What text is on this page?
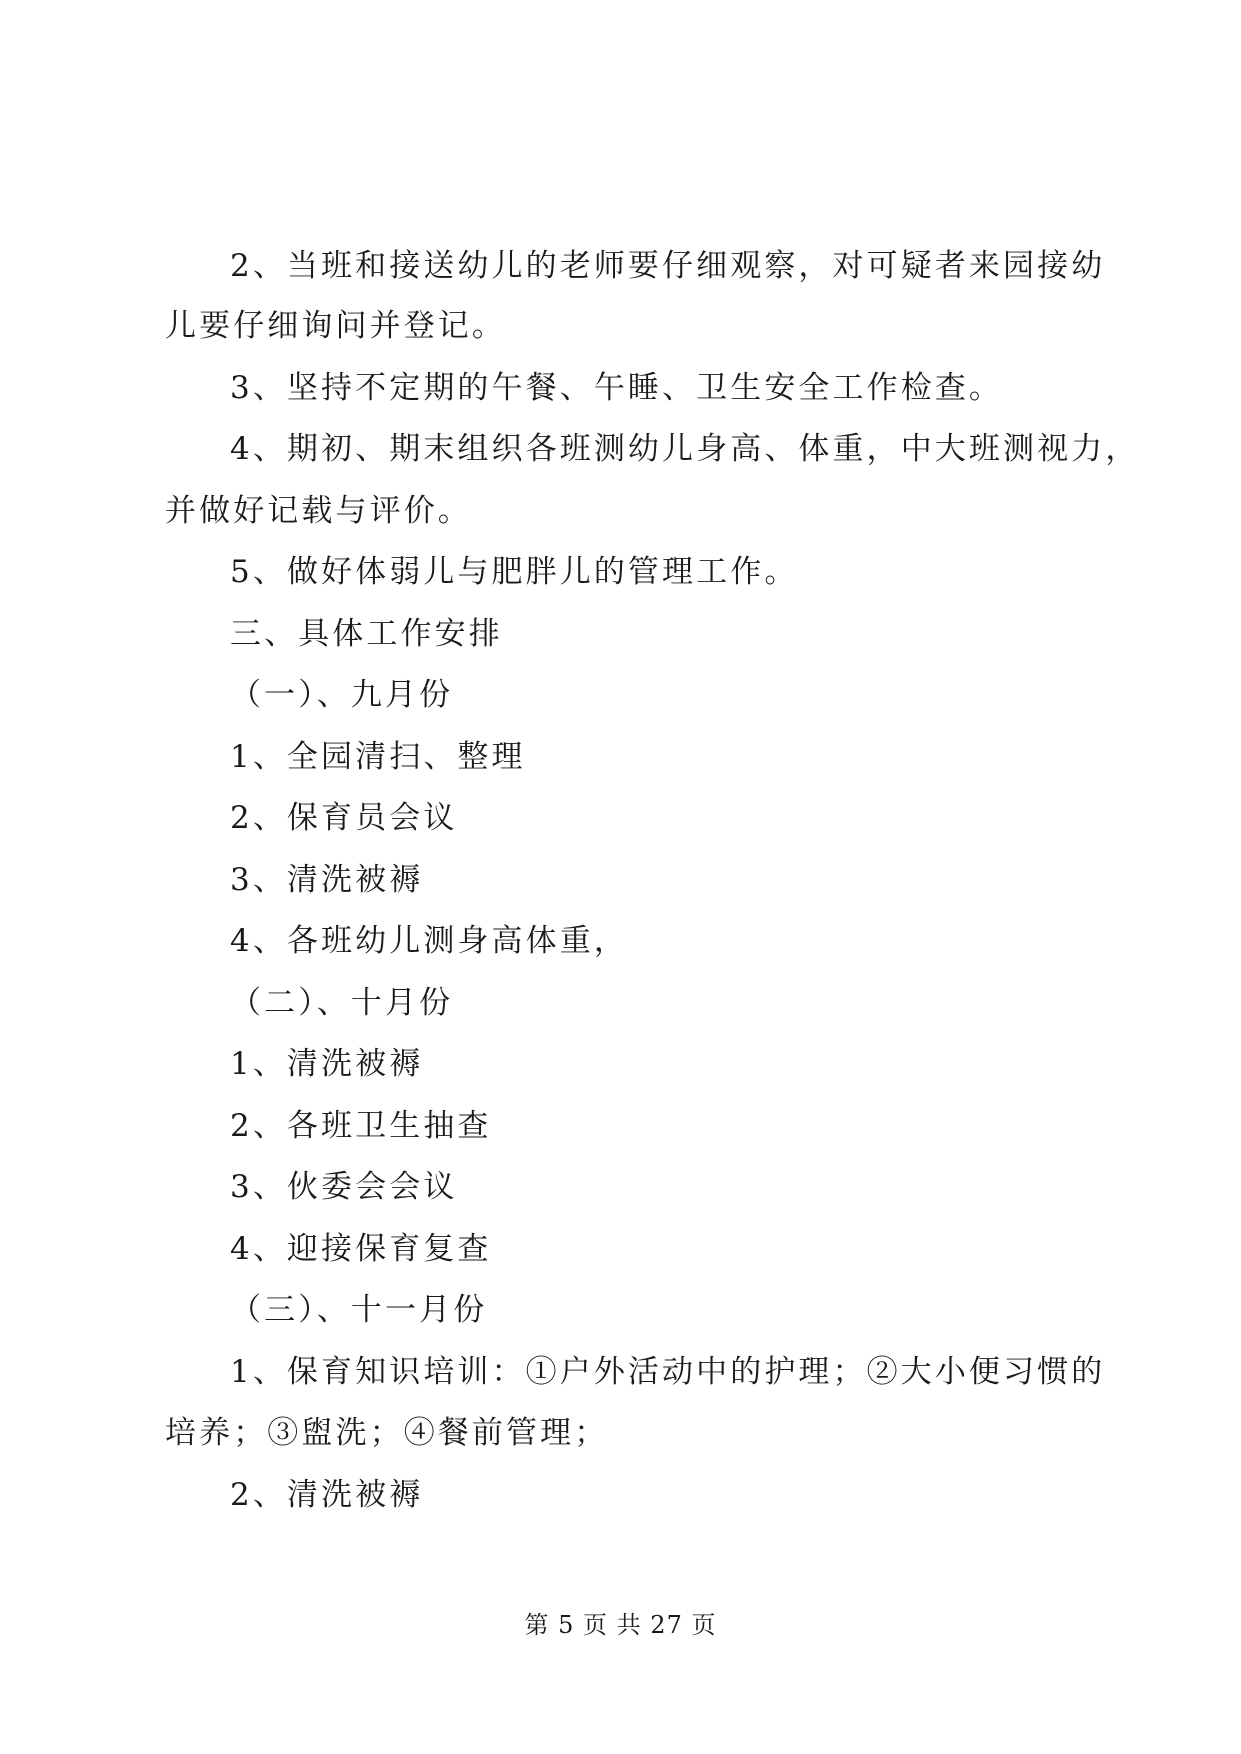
2、当班和接送幼儿的老师要仔细观察，对可疑者来园接幼
儿要仔细询问并登记。
3、坚持不定期的午餐、午睡、卫生安全工作检查。
4、期初、期末组织各班测幼儿身高、体重，中大班测视力，
并做好记载与评价。
5、做好体弱儿与肥胖儿的管理工作。
三、具体工作安排
（一）、九月份
1、全园清扫、整理
2、保育员会议
3、清洗被褥
4、各班幼儿测身高体重，
（二）、十月份
1、清洗被褥
2、各班卫生抽查
3、伙委会会议
4、迎接保育复查
（三）、十一月份
1、保育知识培训：①户外活动中的护理；②大小便习惯的
培养；③盥洗；④餐前管理；
2、清洗被褥
第 5 页 共 27 页
